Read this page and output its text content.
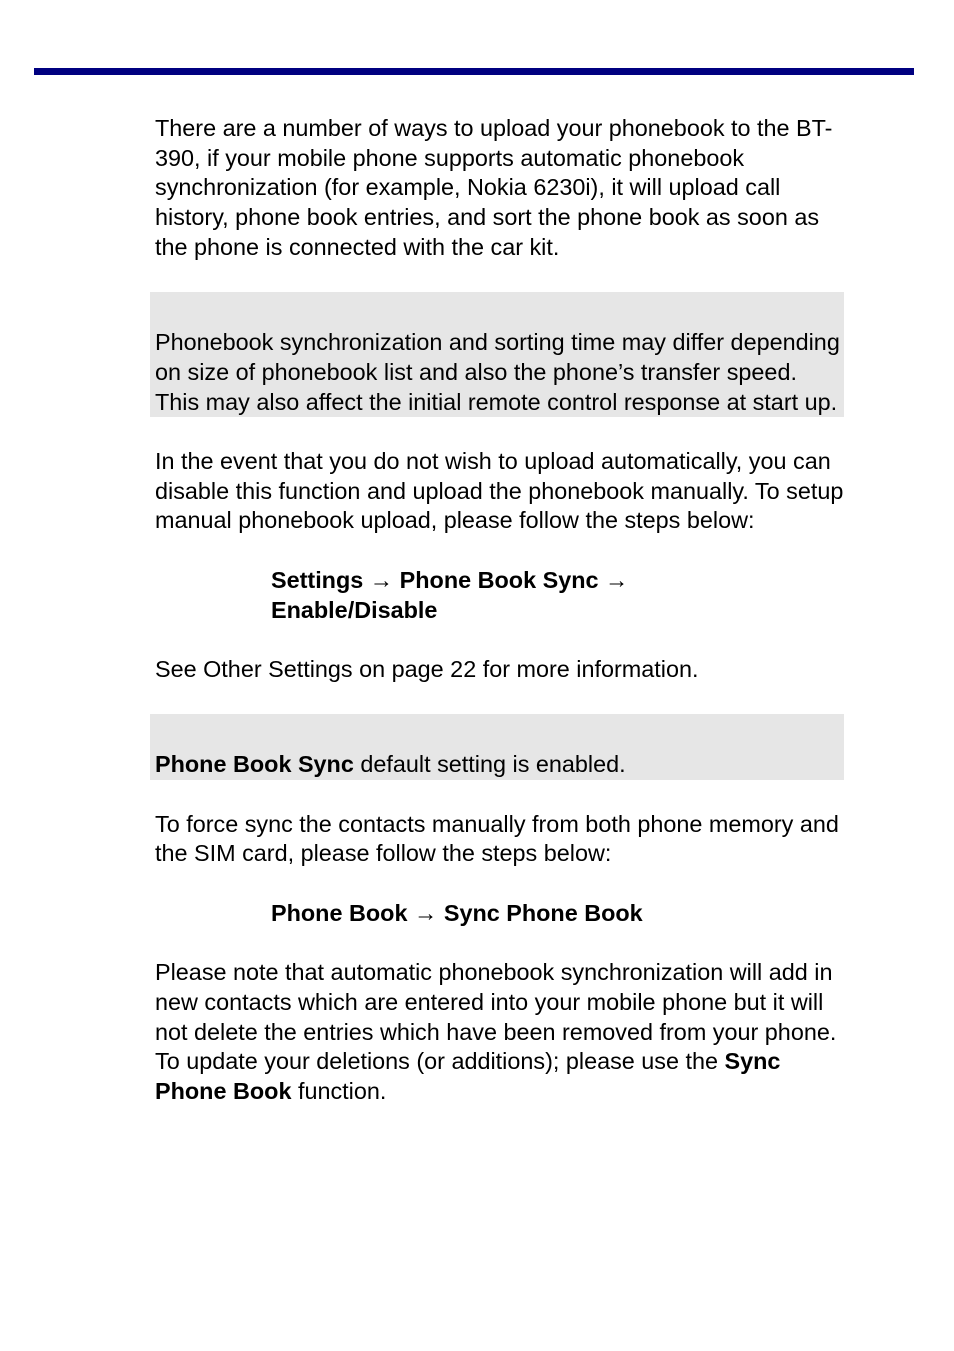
There are a number of ways to upload your phonebook to the BT-390, if your mobile phone supports automatic phonebook synchronization (for example, Nokia 6230i), it will upload call history, phone book entries, and sort the phone book as soon as the phone is connected with the car kit.

Phonebook synchronization and sorting time may differ depending on size of phonebook list and also the phone’s transfer speed. This may also affect the initial remote control response at start up.

In the event that you do not wish to upload automatically, you can disable this function and upload the phonebook manually. To setup manual phonebook upload, please follow the steps below:

Settings → Phone Book Sync →
Enable/Disable

See Other Settings on page 22 for more information.

Phone Book Sync default setting is enabled.

To force sync the contacts manually from both phone memory and the SIM card, please follow the steps below:

Phone Book → Sync Phone Book

Please note that automatic phonebook synchronization will add in new contacts which are entered into your mobile phone but it will not delete the entries which have been removed from your phone. To update your deletions (or additions); please use the Sync Phone Book function.
